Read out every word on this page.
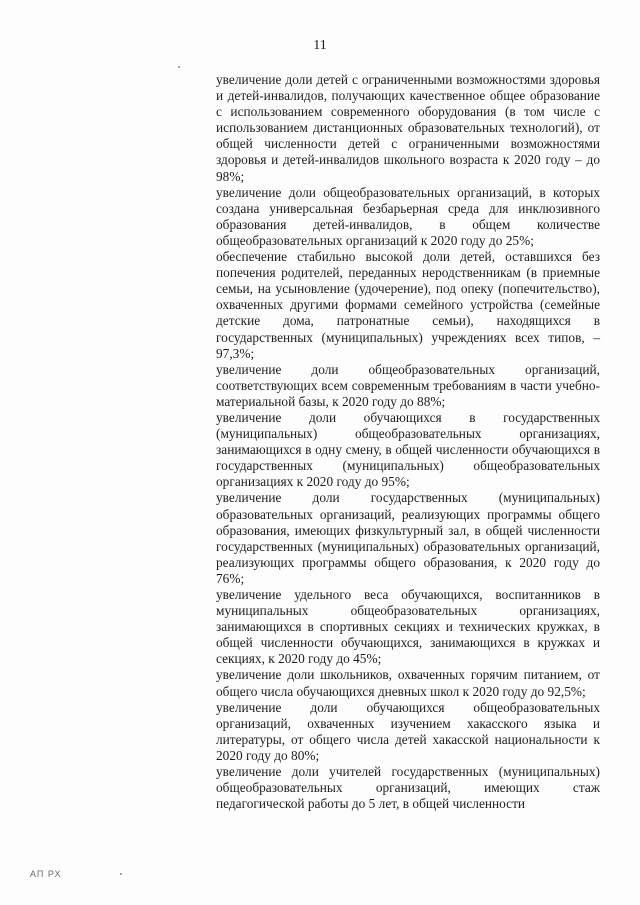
11

увеличение доли детей с ограниченными возможностями здоровья и детей-инвалидов, получающих качественное общее образование с использованием современного оборудования (в том числе с использованием дистанционных образовательных технологий), от общей численности детей с ограниченными возможностями здоровья и детей-инвалидов школьного возраста к 2020 году – до 98%;

увеличение доли общеобразовательных организаций, в которых создана универсальная безбарьерная среда для инклюзивного образования детей-инвалидов, в общем количестве общеобразовательных организаций к 2020 году до 25%;

обеспечение стабильно высокой доли детей, оставшихся без попечения родителей, переданных неродственникам (в приемные семьи, на усыновление (удочерение), под опеку (попечительство), охваченных другими формами семейного устройства (семейные детские дома, патронатные семьи), находящихся в государственных (муниципальных) учреждениях всех типов, – 97,3%;

увеличение доли общеобразовательных организаций, соответствующих всем современным требованиям в части учебно-материальной базы, к 2020 году до 88%;

увеличение доли обучающихся в государственных (муниципальных) общеобразовательных организациях, занимающихся в одну смену, в общей численности обучающихся в государственных (муниципальных) общеобразовательных организациях к 2020 году до 95%;

увеличение доли государственных (муниципальных) образовательных организаций, реализующих программы общего образования, имеющих физкультурный зал, в общей численности государственных (муниципальных) образовательных организаций, реализующих программы общего образования, к 2020 году до 76%;

увеличение удельного веса обучающихся, воспитанников в муниципальных общеобразовательных организациях, занимающихся в спортивных секциях и технических кружках, в общей численности обучающихся, занимающихся в кружках и секциях, к 2020 году до 45%;

увеличение доли школьников, охваченных горячим питанием, от общего числа обучающихся дневных школ к 2020 году до 92,5%;

увеличение доли обучающихся общеобразовательных организаций, охваченных изучением хакасского языка и литературы, от общего числа детей хакасской национальности к 2020 году до 80%;

увеличение доли учителей государственных (муниципальных) общеобразовательных организаций, имеющих стаж педагогической работы до 5 лет, в общей численности

АП РХ
